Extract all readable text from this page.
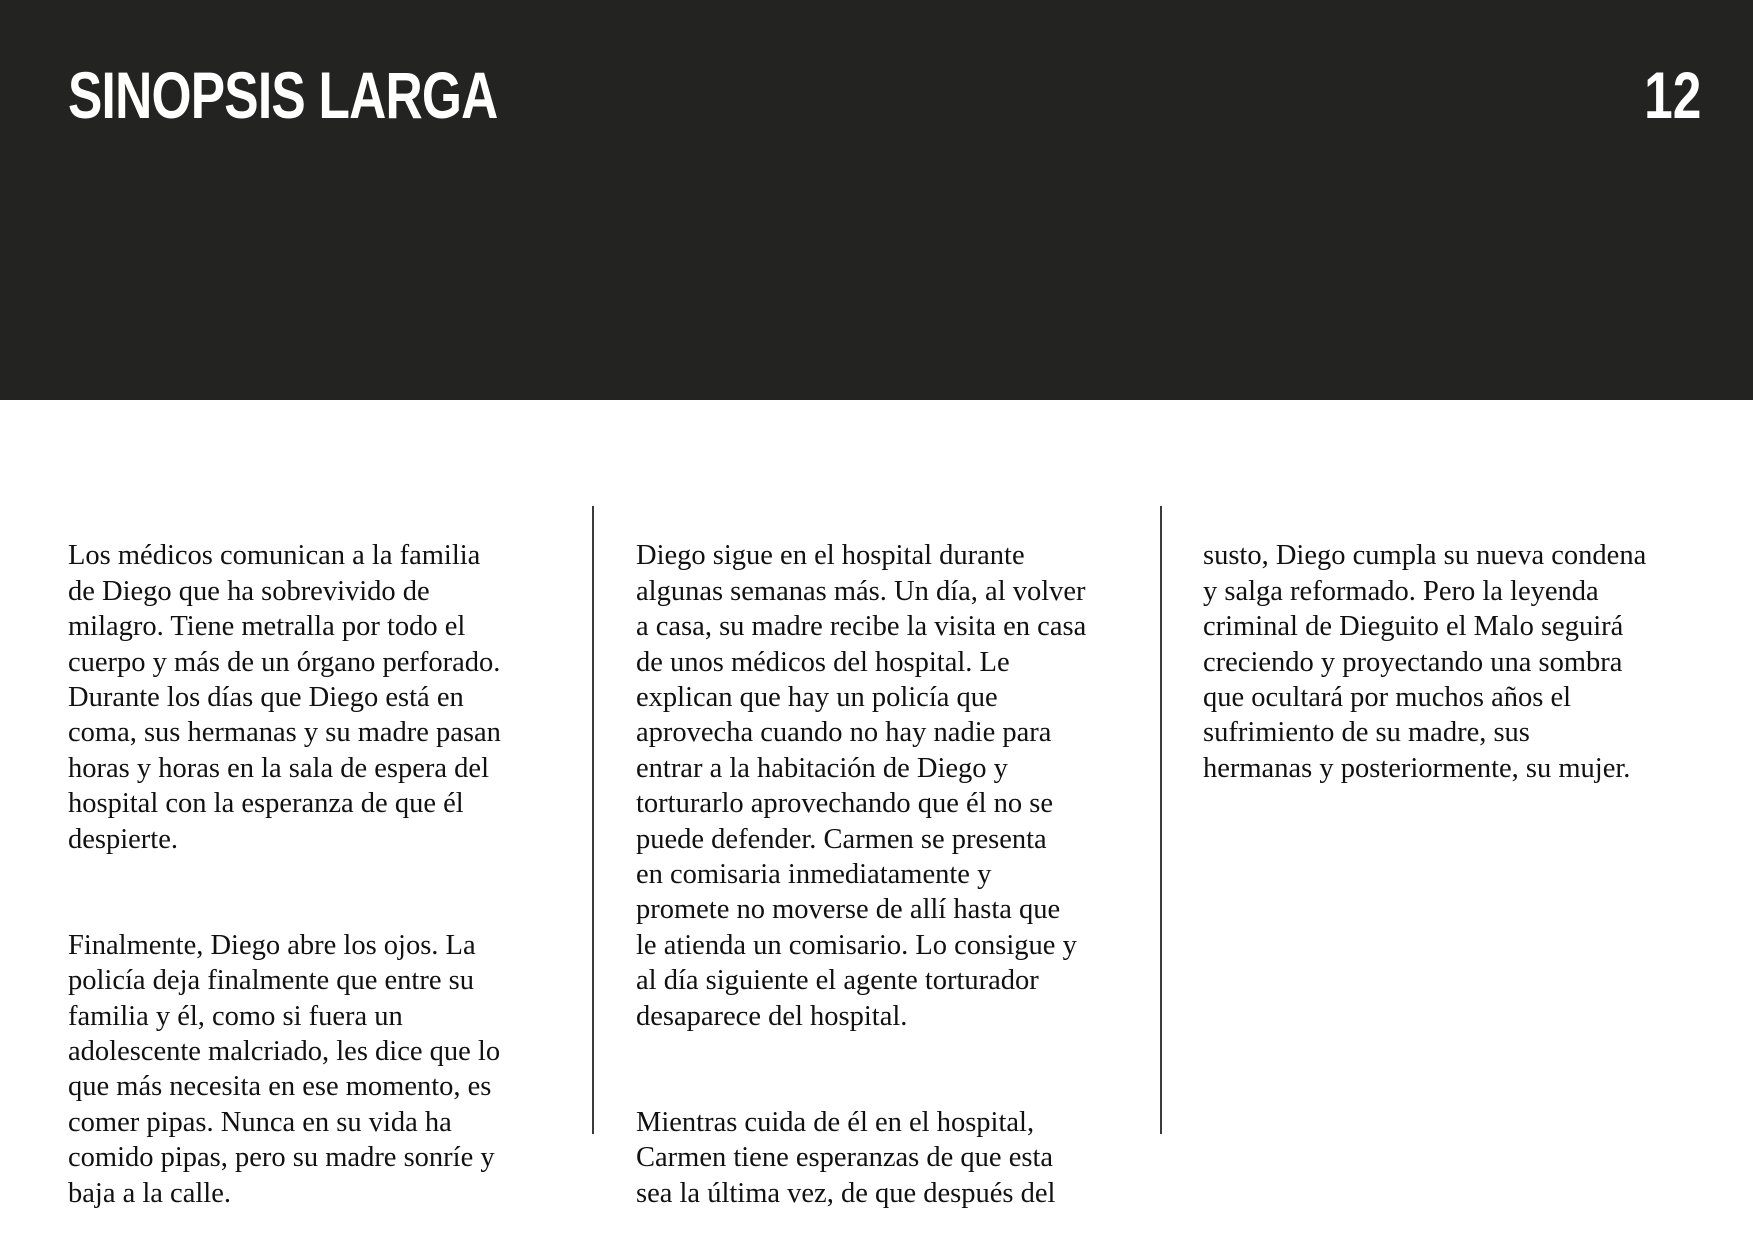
SINOPSIS LARGA	12

Los médicos comunican a la familia
de Diego que ha sobrevivido de
milagro. Tiene metralla por todo el
cuerpo y más de un órgano perforado.
Durante los días que Diego está en
coma, sus hermanas y su madre pasan
horas y horas en la sala de espera del
hospital con la esperanza de que él
despierte.

Finalmente, Diego abre los ojos. La
policía deja finalmente que entre su
familia y él, como si fuera un
adolescente malcriado, les dice que lo
que más necesita en ese momento, es
comer pipas. Nunca en su vida ha
comido pipas, pero su madre sonríe y
baja a la calle.

Diego sigue en el hospital durante
algunas semanas más. Un día, al volver
a casa, su madre recibe la visita en casa
de unos médicos del hospital. Le
explican que hay un policía que
aprovecha cuando no hay nadie para
entrar a la habitación de Diego y
torturarlo aprovechando que él no se
puede defender. Carmen se presenta
en comisaria inmediatamente y
promete no moverse de allí hasta que
le atienda un comisario. Lo consigue y
al día siguiente el agente torturador
desaparece del hospital.

Mientras cuida de él en el hospital,
Carmen tiene esperanzas de que esta
sea la última vez, de que después del

susto, Diego cumpla su nueva condena
y salga reformado. Pero la leyenda
criminal de Dieguito el Malo seguirá
creciendo y proyectando una sombra
que ocultará por muchos años el
sufrimiento de su madre, sus
hermanas y posteriormente, su mujer.
